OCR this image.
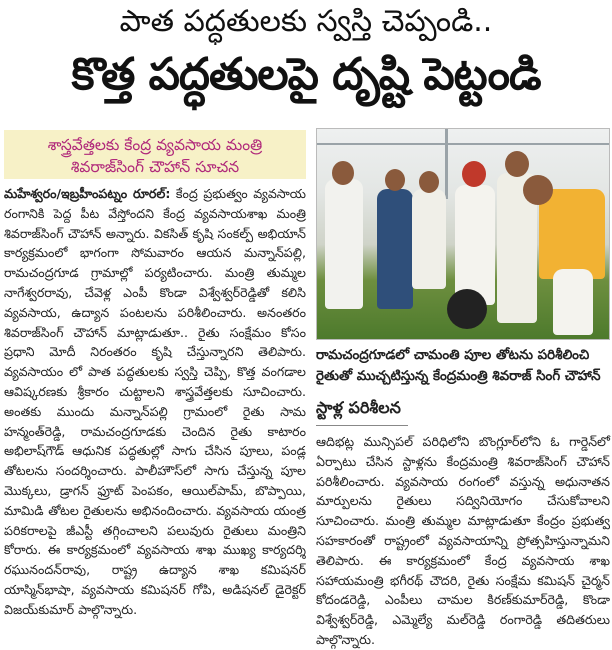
పాత పద్ధతులకు స్వస్తి చెప్పండి..
కొత్త పద్ధతులపై దృష్టి పెట్టండి
శాస్త్రవేత్తలకు కేంద్ర వ్యవసాయ మంత్రి
శివరాజ్‌సింగ్ చౌహాన్ సూచన
మహేశ్వరం/ఇబ్రహీంపట్నం రూరల్: కేంద్ర ప్రభుత్వం వ్యవసాయ రంగానికి పెద్ద పీట వేస్తోందని కేంద్ర వ్యవసాయశాఖ మంత్రి శివరాజ్‌సింగ్ చౌహాన్ అన్నారు. వికసిత్ కృషి సంకల్ప్ అభియాన్ కార్యక్రమంలో భాగంగా సోమవారం ఆయన మన్నాన్‌పల్లి, రామచంద్రగూడ గ్రామాల్లో పర్యటించారు. మంత్రి తుమ్మల నాగేశ్వరరావు, చేవెళ్ల ఎంపీ కొండా విశ్వేశ్వర్‌రెడ్డితో కలిసి వ్యవసాయ, ఉద్యాన పంటలను పరిశీలించారు. అనంతరం శివరాజ్‌సింగ్ చౌహాన్ మాట్లాడుతూ.. రైతు సంక్షేమం కోసం ప్రధాని మోదీ నిరంతరం కృషి చేస్తున్నారని తెలిపారు. వ్యవసాయం లో పాత పద్ధతులకు స్వస్తి చెప్పి, కొత్త వంగడాల ఆవిష్కరణకు శ్రీకారం చుట్టాలని శాస్త్రవేత్తలకు సూచించారు. అంతకు ముందు మన్నాన్‌పల్లి గ్రామంలో రైతు సామ హన్మంత్‌రెడ్డి, రామచంద్రగూడకు చెందిన రైతు కాటారం అభిలాష్‌గౌడ్ ఆధునిక పద్ధతుల్లో సాగు చేసిన పూలు, పండ్ల తోటలను సందర్శించారు. పాలీహౌస్‌లో సాగు చేస్తున్న పూల మొక్కలు, డ్రాగన్ ఫ్రూట్ పెంపకం, ఆయిల్‌పామ్, బొప్పాయి, మామిడి తోటల రైతులను అభినందించారు. వ్యవసాయ యంత్ర పరికరాలపై జీఎస్టీ తగ్గించాలని పలువురు రైతులు మంత్రిని కోరారు. ఈ కార్యక్రమంలో వ్యవసాయ శాఖ ముఖ్య కార్యదర్శి రఘునందన్‌రావు, రాష్ట్ర ఉద్యాన శాఖ కమిషనర్ యాస్మిన్‌భాషా, వ్యవసాయ కమిషనర్ గోపి, అడిషనల్ డైరెక్టర్ విజయ్‌కుమార్ పాల్గొన్నారు.
రామచంద్రగూడలో చామంతి పూల తోటను పరిశీలించి
రైతుతో ముచ్చటిస్తున్న కేంద్రమంత్రి శివరాజ్ సింగ్ చౌహాన్
స్టాళ్ల పరిశీలన
ఆదిభట్ల మున్సిపల్ పరిధిలోని బొంగ్లూర్‌లోని ఓ గార్డెన్‌లో ఏర్పాటు చేసిన స్టాళ్లను కేంద్రమంత్రి శివరాజ్‌సింగ్ చౌహాన్ పరిశీలించారు. వ్యవసాయ రంగంలో వస్తున్న అధునాతన మార్పులను రైతులు సద్వినియోగం చేసుకోవాలని సూచించారు. మంత్రి తుమ్మల మాట్లాడుతూ కేంద్రం ప్రభుత్వ సహకారంతో రాష్ట్రంలో వ్యవసాయాన్ని ప్రోత్సహిస్తున్నామని తెలిపారు. ఈ కార్యక్రమంలో కేంద్ర వ్యవసాయ శాఖ సహాయమంత్రి భగీరథ్ చౌదరి, రైతు సంక్షేమ కమిషన్ చైర్మన్ కోదండరెడ్డి, ఎంపీలు చామల కిరణ్‌కుమార్‌రెడ్డి, కొండా విశ్వేశ్వర్‌రెడ్డి, ఎమ్మెల్యే మల్‌రెడ్డి రంగారెడ్డి తదితరులు పాల్గొన్నారు.
